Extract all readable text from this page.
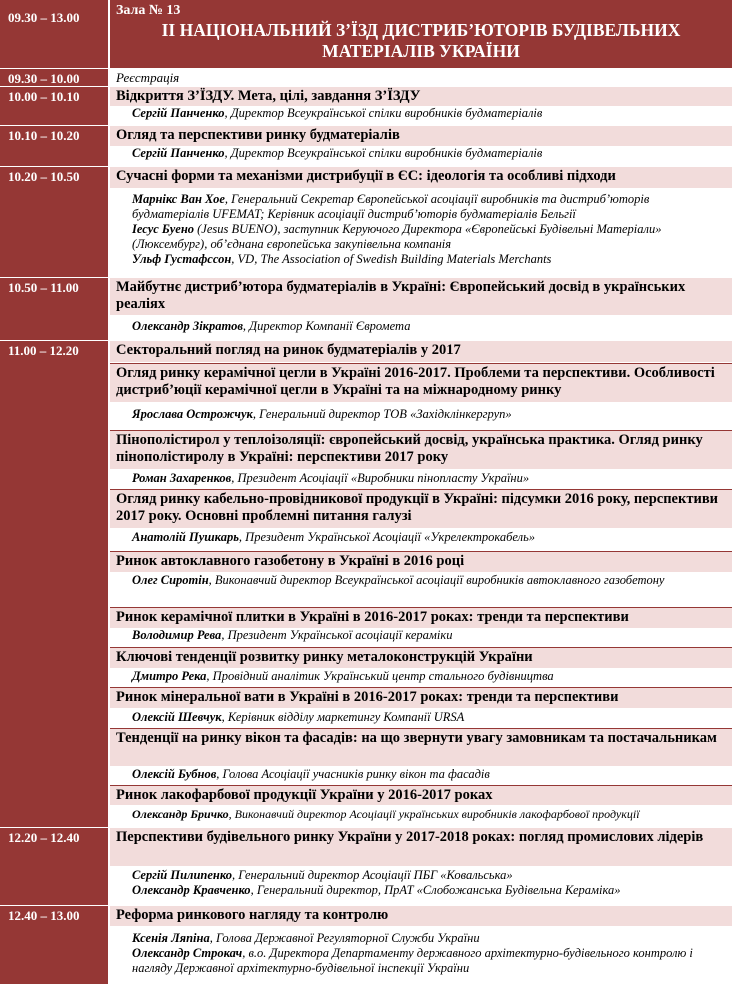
09.30 – 13.00	Зала № 13
ІІ НАЦІОНАЛЬНИЙ З’ЇЗД ДИСТРИБ’ЮТОРІВ БУДІВЕЛЬНИХ
МАТЕРІАЛІВ УКРАЇНИ
09.30 – 10.00	Реєстрація
10.00 – 10.10	Відкриття З’ЇЗДУ. Мета, цілі, завдання З’ЇЗДУ
Сергій Панченко, Директор Всеукраїнської спілки виробників будматеріалів
10.10 – 10.20	Огляд та перспективи ринку будматеріалів
Сергій Панченко, Директор Всеукраїнської спілки виробників будматеріалів
10.20 – 10.50	Сучасні форми та механізми дистрибуції в ЄС: ідеологія та особливі підходи
Марнікс Ван Хое, Генеральний Секретар Європейської асоціації виробників та дистриб’юторів будматеріалів UFEMAT; Керівник асоціації дистриб’юторів будматеріалів Бельгії
Іесус Буено (Jesus BUENO), заступник Керуючого Директора «Європейські Будівельні Матеріали» (Люксембург), об’єднана європейська закупівельна компанія
Ульф Густафссон, VD, The Association of Swedish Building Materials Merchants
10.50 – 11.00	Майбутнє дистриб’ютора будматеріалів в Україні: Європейський досвід в українських реаліях
Олександр Зікратов, Директор Компанії Євромета
11.00 – 12.20	Секторальний погляд на ринок будматеріалів у 2017
Огляд ринку керамічної цегли в Україні 2016-2017. Проблеми та перспективи. Особливості дистриб’юції керамічної цегли в Україні та на міжнародному ринку
Ярослава Острожчук, Генеральний директор ТОВ «Західклінкергруп»
Пінополістирол у теплоізоляції: європейський досвід, українська практика. Огляд ринку пінополістиролу в Україні: перспективи 2017 року
Роман Захаренков, Президент Асоціації «Виробники пінопласту України»
Огляд ринку кабельно-провідникової продукції в Україні: підсумки 2016 року, перспективи 2017 року. Основні проблемні питання галузі
Анатолій Пушкарь, Президент Української Асоціації «Укрелектрокабель»
Ринок автоклавного газобетону в Україні в 2016 році
Олег Сиротін, Виконавчий директор Всеукраїнської асоціації виробників автоклавного газобетону
Ринок керамічної плитки в Україні в 2016-2017 роках: тренди та перспективи
Володимир Рева, Президент Української асоціації кераміки
Ключові тенденції розвитку ринку металоконструкцій України
Дмитро Река, Провідний аналітик Український центр стального будівництва
Ринок мінеральної вати в Україні в 2016-2017 роках: тренди та перспективи
Олексій Шевчук, Керівник відділу маркетингу Компанії URSA
Тенденції на ринку вікон та фасадів: на що звернути увагу замовникам та постачальникам
Олексій Бубнов, Голова Асоціації учасників ринку вікон та фасадів
Ринок лакофарбової продукції України у 2016-2017 роках
Олександр Бричко, Виконавчий директор Асоціації українських виробників лакофарбової продукції
12.20 – 12.40	Перспективи будівельного ринку України у 2017-2018 роках: погляд промислових лідерів
Сергій Пилипенко, Генеральний директор Асоціації ПБГ «Ковальська»
Олександр Кравченко, Генеральний директор, ПрАТ «Слобожанська Будівельна Кераміка»
12.40 – 13.00	Реформа ринкового нагляду та контролю
Ксенія Ляпіна, Голова Державної Регуляторної Служби України
Олександр Строкач, в.о. Директора Департаменту державного архітектурно-будівельного контролю і нагляду Державної архітектурно-будівельної інспекції України
